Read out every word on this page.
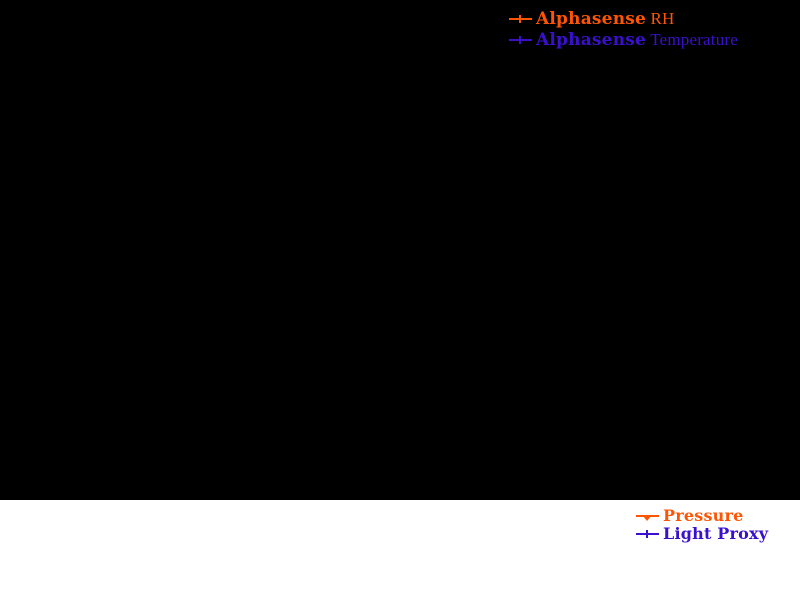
Alphasense RH

Alphasense Temperature

Pressure

Light Proxy
